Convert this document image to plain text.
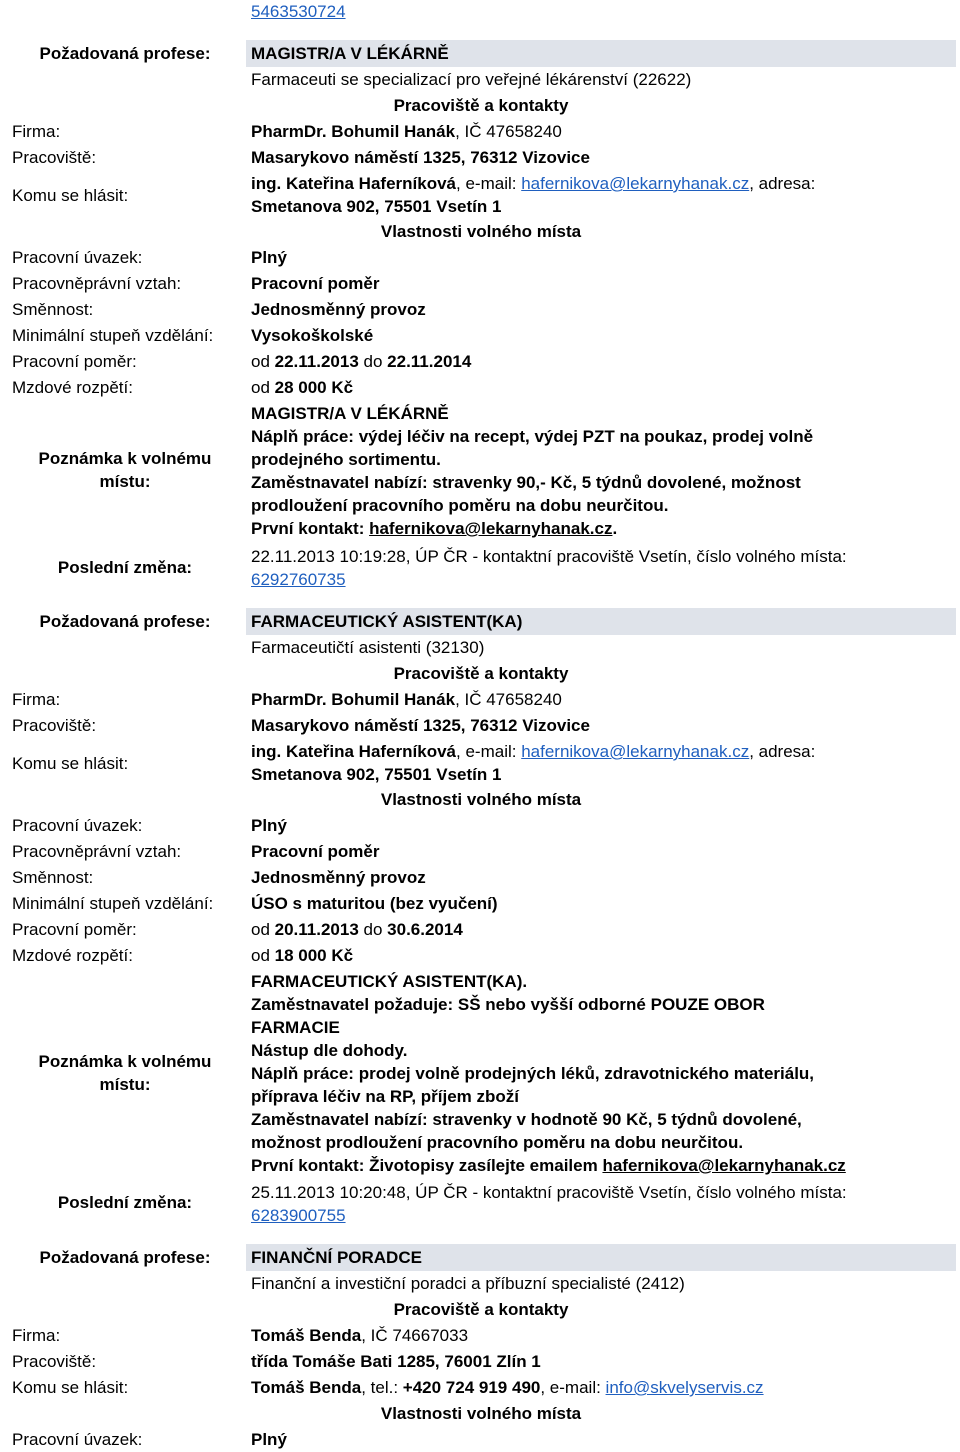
5463530724
Požadovaná profese:	MAGISTR/A V LÉKÁRNĚ
Farmaceuti se specializací pro veřejné lékárenství (22622)
Pracoviště a kontakty
Firma:	PharmDr. Bohumil Hanák, IČ 47658240
Pracoviště:	Masarykovo náměstí 1325, 76312 Vizovice
Komu se hlásit:
ing. Kateřina Haferníková, e-mail: hafernikova@lekarnyhanak.cz, adresa:
Smetanova 902, 75501 Vsetín 1
Vlastnosti volného místa
Pracovní úvazek:	Plný
Pracovněprávní vztah:	Pracovní poměr
Směnnost:	Jednosměnný provoz
Minimální stupeň vzdělání: Vysokoškolské
Pracovní poměr:	od 22.11.2013 do 22.11.2014
Mzdové rozpětí:	od 28 000 Kč
Poznámka k volnému
místu:
MAGISTR/A V LÉKÁRNĚ
Náplň práce: výdej léčiv na recept, výdej PZT na poukaz, prodej volně
prodejného sortimentu.
Zaměstnavatel nabízí: stravenky 90,- Kč, 5 týdnů dovolené, možnost
prodloužení pracovního poměru na dobu neurčitou.
První kontakt: hafernikova@lekarnyhanak.cz.
Poslední změna:
22.11.2013 10:19:28, ÚP ČR - kontaktní pracoviště Vsetín, číslo volného místa:
6292760735
Požadovaná profese:	FARMACEUTICKÝ ASISTENT(KA)
Farmaceutičtí asistenti (32130)
Pracoviště a kontakty
Firma:	PharmDr. Bohumil Hanák, IČ 47658240
Pracoviště:	Masarykovo náměstí 1325, 76312 Vizovice
Komu se hlásit:
ing. Kateřina Haferníková, e-mail: hafernikova@lekarnyhanak.cz, adresa:
Smetanova 902, 75501 Vsetín 1
Vlastnosti volného místa
Pracovní úvazek:	Plný
Pracovněprávní vztah:	Pracovní poměr
Směnnost:	Jednosměnný provoz
Minimální stupeň vzdělání: ÚSO s maturitou (bez vyučení)
Pracovní poměr:	od 20.11.2013 do 30.6.2014
Mzdové rozpětí:	od 18 000 Kč
Poznámka k volnému
místu:
FARMACEUTICKÝ ASISTENT(KA).
Zaměstnavatel požaduje: SŠ nebo vyšší odborné POUZE OBOR
FARMACIE
Nástup dle dohody.
Náplň práce: prodej volně prodejných léků, zdravotnického materiálu,
příprava léčiv na RP, příjem zboží
Zaměstnavatel nabízí: stravenky v hodnotě 90 Kč, 5 týdnů dovolené,
možnost prodloužení pracovního poměru na dobu neurčitou.
První kontakt: Životopisy zasílejte emailem hafernikova@lekarnyhanak.cz
Poslední změna:
25.11.2013 10:20:48, ÚP ČR - kontaktní pracoviště Vsetín, číslo volného místa:
6283900755
Požadovaná profese:	FINANČNÍ PORADCE
Finanční a investiční poradci a příbuzní specialisté (2412)
Pracoviště a kontakty
Firma:	Tomáš Benda, IČ 74667033
Pracoviště:	třída Tomáše Bati 1285, 76001 Zlín 1
Komu se hlásit:	Tomáš Benda, tel.: +420 724 919 490, e-mail: info@skvelyservis.cz
Vlastnosti volného místa
Pracovní úvazek:	Plný
